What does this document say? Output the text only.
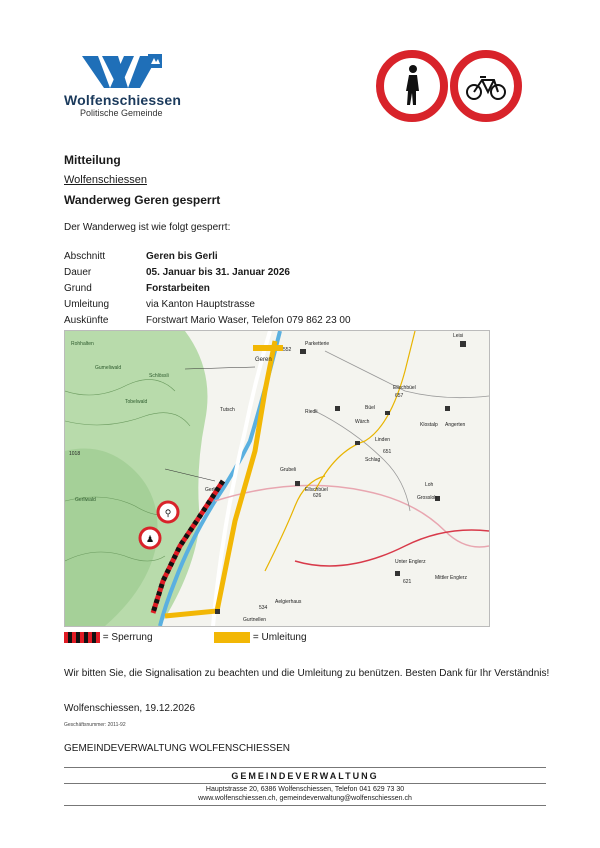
Wolfenschiessen
Politische Gemeinde
Mitteilung
Wolfenschiessen
Wanderweg Geren gesperrt
Der Wanderweg ist wie folgt gesperrt:
Abschnitt	Geren bis Gerli
Dauer	05. Januar bis 31. Januar 2026
Grund	Forstarbeiten
Umleitung	via Kanton Hauptstrasse
Auskünfte	Forstwart Mario Waser, Telefon 079 862 23 00
⚲
♟
Geren
Gerli
Rohhalten
Gumeliwald
Schlössli
Tobelwald
Gerliwald
Tutsch	Riedli
Büel
Wärch
Linden
Schlag
Ellschbüel
Grubeli
Klostalp Angerten
Loh
Grossloh
Unter Englerz
Mittler Englerz
Aelgierhaus
Parketterie
Leisi
Ellschbüel
Gurtnellen
552
1018
657
651
626
621
534
= Sperrung	= Umleitung
Wir bitten Sie, die Signalisation zu beachten und die Umleitung zu benützen. Besten Dank für Ihr Verständnis!
Wolfenschiessen, 19.12.2026
Geschäftsnummer: 2011-92
GEMEINDEVERWALTUNG WOLFENSCHIESSEN
GEMEINDEVERWALTUNG
Hauptstrasse 20, 6386 Wolfenschiessen, Telefon 041 629 73 30
www.wolfenschiessen.ch, gemeindeverwaltung@wolfenschiessen.ch
